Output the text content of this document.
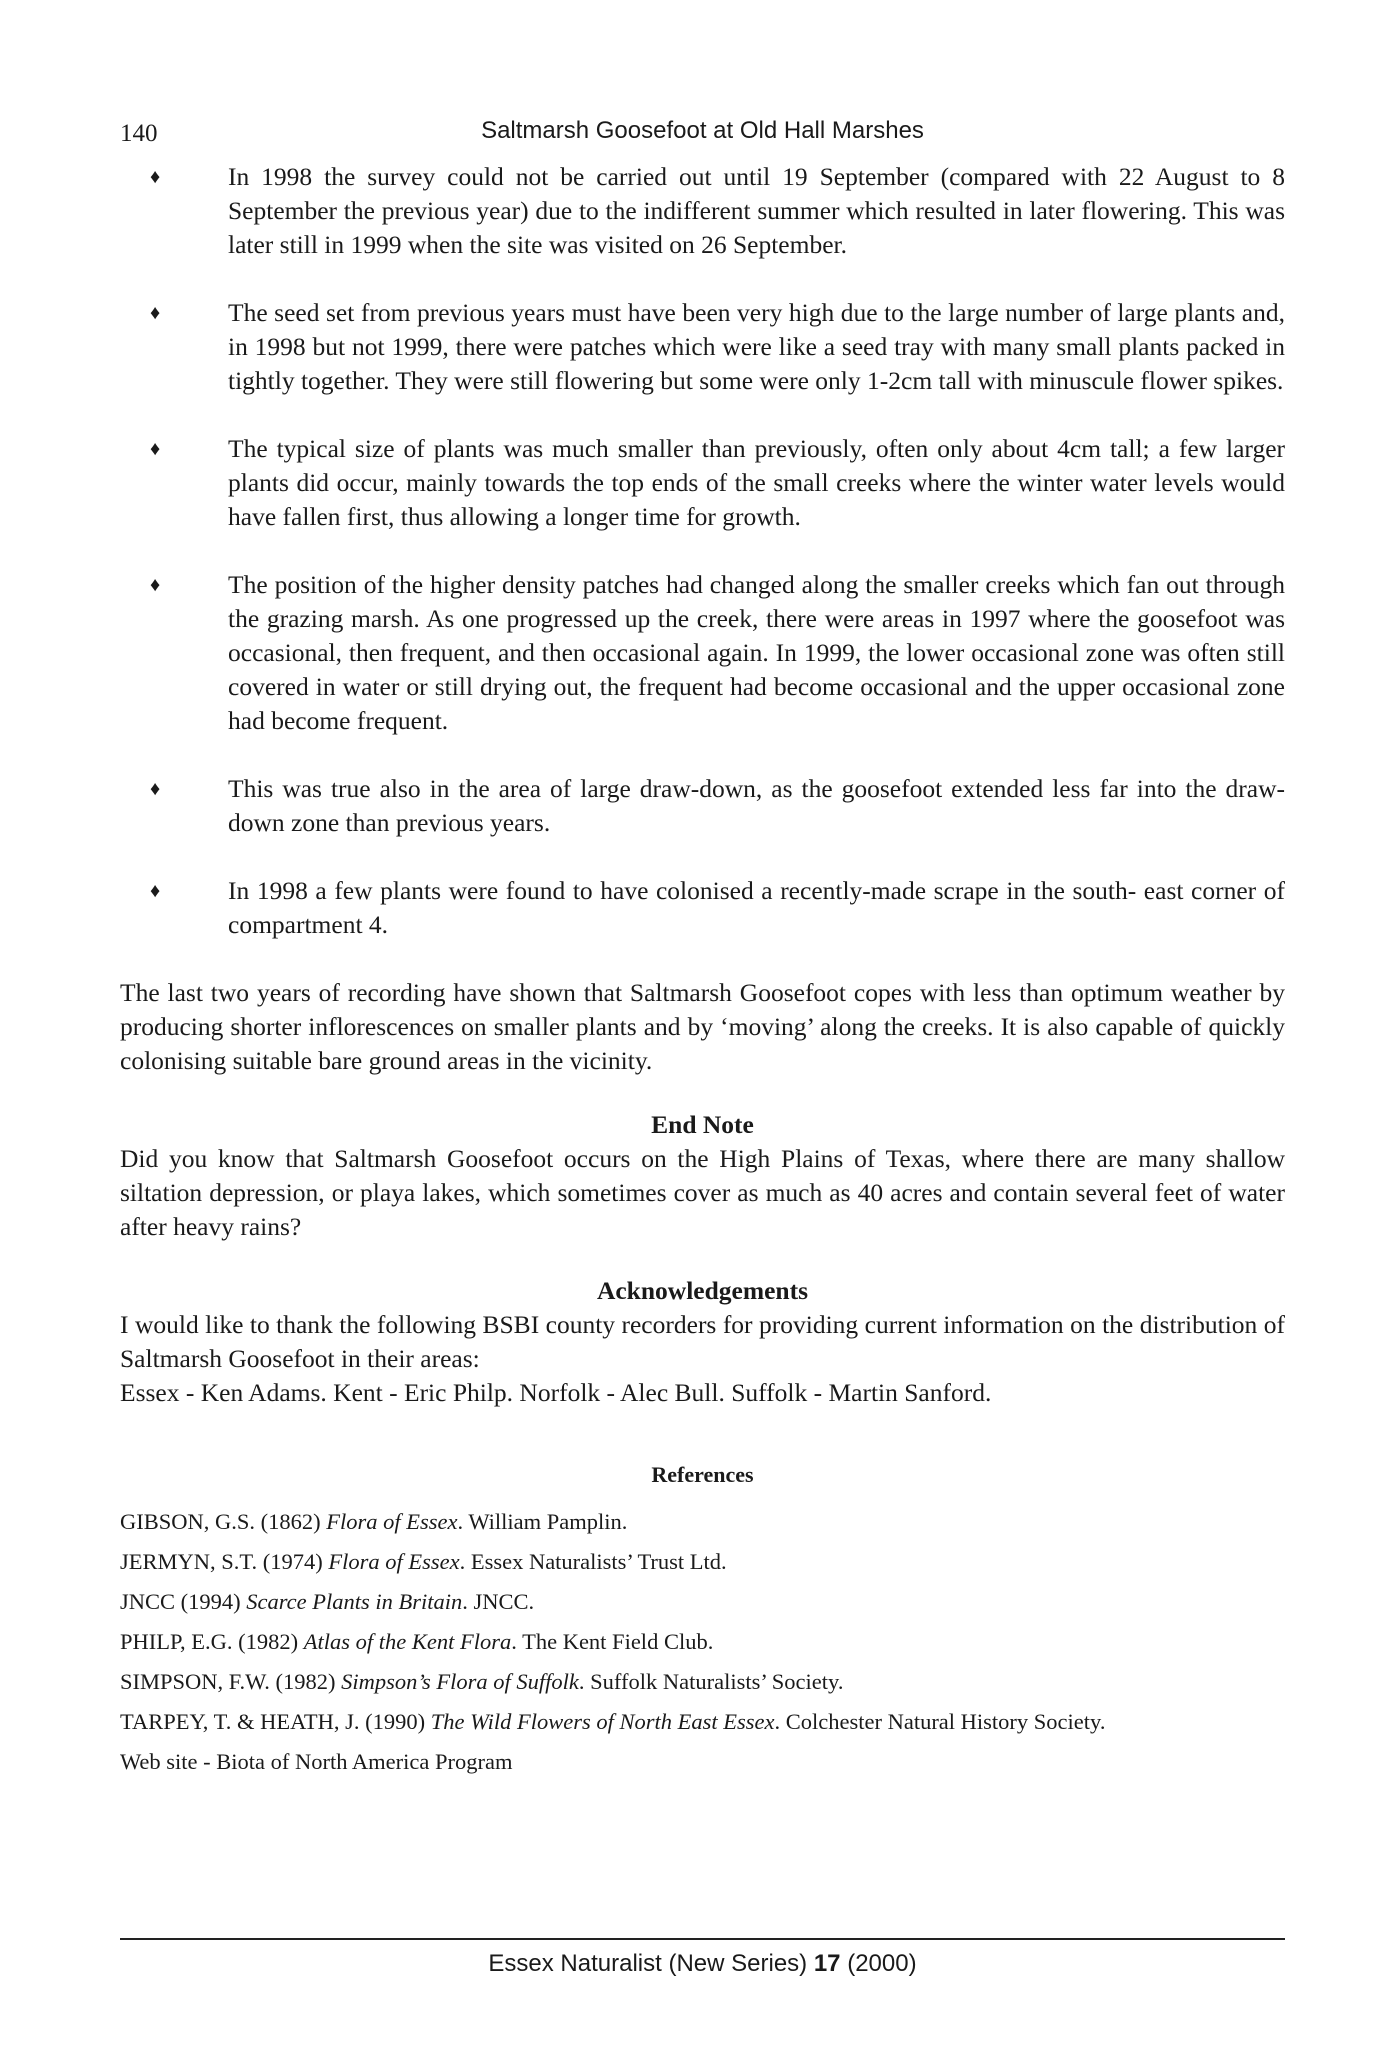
140	Saltmarsh Goosefoot at Old Hall Marshes
♦	In 1998 the survey could not be carried out until 19 September (compared with 22 August to 8 September the previous year) due to the indifferent summer which resulted in later flowering. This was later still in 1999 when the site was visited on 26 September.
♦	The seed set from previous years must have been very high due to the large number of large plants and, in 1998 but not 1999, there were patches which were like a seed tray with many small plants packed in tightly together. They were still flowering but some were only 1-2cm tall with minuscule flower spikes.
♦	The typical size of plants was much smaller than previously, often only about 4cm tall; a few larger plants did occur, mainly towards the top ends of the small creeks where the winter water levels would have fallen first, thus allowing a longer time for growth.
♦	The position of the higher density patches had changed along the smaller creeks which fan out through the grazing marsh. As one progressed up the creek, there were areas in 1997 where the goosefoot was occasional, then frequent, and then occasional again. In 1999, the lower occasional zone was often still covered in water or still drying out, the frequent had become occasional and the upper occasional zone had become frequent.
♦	This was true also in the area of large draw-down, as the goosefoot extended less far into the draw-down zone than previous years.
♦	In 1998 a few plants were found to have colonised a recently-made scrape in the south- east corner of compartment 4.

The last two years of recording have shown that Saltmarsh Goosefoot copes with less than optimum weather by producing shorter inflorescences on smaller plants and by ‘moving’ along the creeks. It is also capable of quickly colonising suitable bare ground areas in the vicinity.

End Note

Did you know that Saltmarsh Goosefoot occurs on the High Plains of Texas, where there are many shallow siltation depression, or playa lakes, which sometimes cover as much as 40 acres and contain several feet of water after heavy rains?

Acknowledgements

I would like to thank the following BSBI county recorders for providing current information on the distribution of Saltmarsh Goosefoot in their areas:
Essex - Ken Adams. Kent - Eric Philp. Norfolk - Alec Bull. Suffolk - Martin Sanford.

References
GIBSON, G.S. (1862) Flora of Essex. William Pamplin.
JERMYN, S.T. (1974) Flora of Essex. Essex Naturalists’ Trust Ltd.
JNCC (1994) Scarce Plants in Britain. JNCC.
PHILP, E.G. (1982) Atlas of the Kent Flora. The Kent Field Club.
SIMPSON, F.W. (1982) Simpson’s Flora of Suffolk. Suffolk Naturalists’ Society.
TARPEY, T. & HEATH, J. (1990) The Wild Flowers of North East Essex. Colchester Natural History Society.
Web site - Biota of North America Program
Essex Naturalist (New Series) 17 (2000)
